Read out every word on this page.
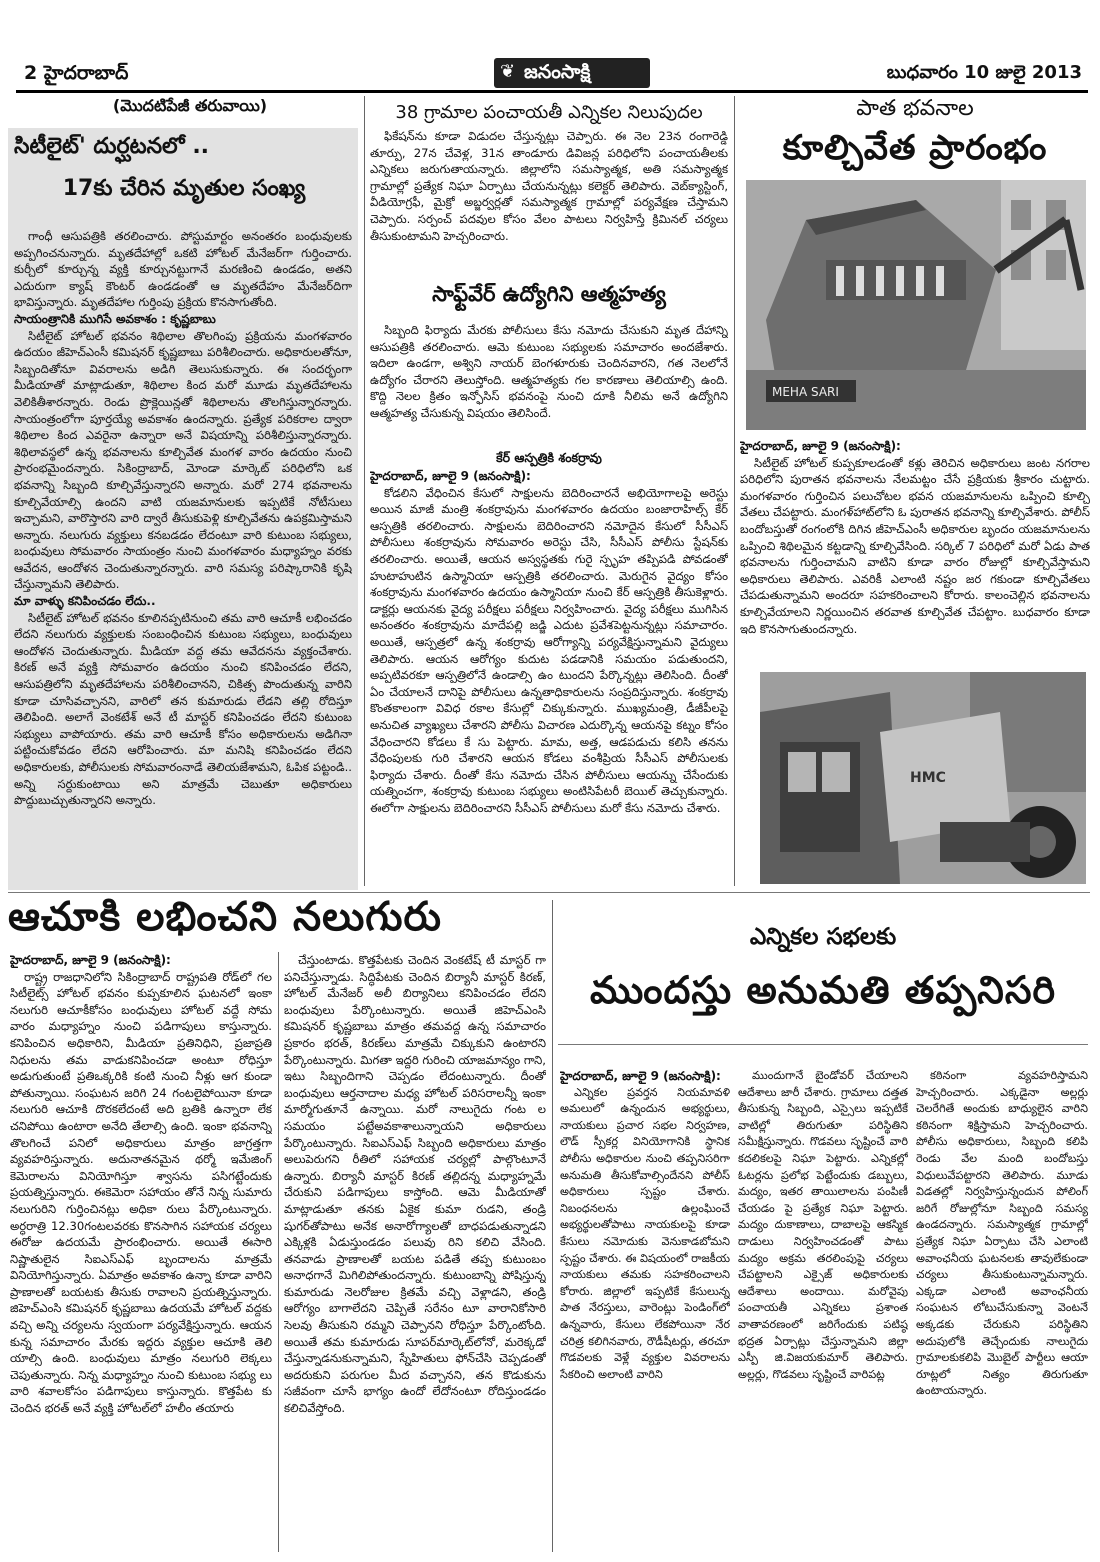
2 హైదరాబాద్	❦ జనంసాక్షి	బుధవారం 10 జులై 2013
(మొదటిపేజీ తరువాయి)
సిటీలైట్' దుర్ఘటనలో ..
17కు చేరిన మృతుల సంఖ్య

గాంధీ ఆసుపత్రికి తరలించారు. పోస్టుమార్టం అనంతరం బంధువులకు అప్పగించనున్నారు. మృతదేహాల్లో ఒకటి హోటల్ మేనేజర్‌గా గుర్తించారు. కుర్చీలో కూర్చున్న వ్యక్తి కూర్చునట్టుగానే మరణించి ఉండడం, అతని ఎదురుగా క్యాష్ కౌంటర్ ఉండడంతో ఆ మృతదేహం మేనేజర్‌దిగా భావిస్తున్నారు. మృతదేహాల గుర్తింపు ప్రక్రియ కొనసాగుతోంది.

సాయంత్రానికి ముగిసే అవకాశం : కృష్ణబాబు

సిటీలైట్ హోటల్ భవనం శిథిలాల తొలగింపు ప్రక్రియను మంగళవారం ఉదయం జీహెచ్‌ఎంసీ కమిషనర్ కృష్ణబాబు పరిశీలించారు. అధికారులతోనూ, సిబ్బందితోనూ వివరాలను అడిగి తెలుసుకున్నారు. ఈ సందర్భంగా మీడియాతో మాట్లాడుతూ, శిథిలాల కింద మరో మూడు మృతదేహాలను వెలికితీశారన్నారు. రెండు ప్రొక్లెయిన్లతో శిథిలాలను తొలగిస్తున్నారన్నారు. సాయంత్రంలోగా పూర్తయ్యే అవకాశం ఉందన్నారు. ప్రత్యేక పరికరాల ద్వారా శిథిలాల కింద ఎవరైనా ఉన్నారా అనే విషయాన్ని పరిశీలిస్తున్నారన్నారు. శిథిలావస్థలో ఉన్న భవనాలను కూల్చివేత మంగళ వారం ఉదయం నుంచి ప్రారంభమైందన్నారు. సికింద్రాబాద్, మోండా మార్కెట్ పరిధిలోని ఒక భవనాన్ని సిబ్బంది కూల్చివేస్తున్నారని అన్నారు. మరో 274 భవనాలను కూల్చివేయాల్సి ఉందని వాటి యజమానులకు ఇప్పటికే నోటీసులు ఇచ్చామని, వారొస్తారని వారి ద్వారే తీసుకుపెళ్లి కూల్చివేతను ఉపక్రమిస్తామని అన్నారు. నలుగురు వ్యక్తులు కనబడడం లేదంటూ వారి కుటుంబ సభ్యులు, బంధువులు సోమవారం సాయంత్రం నుంచి మంగళవారం మధ్యాహ్నం వరకు ఆవేదన, ఆందోళన చెందుతున్నారన్నారు. వారి సమస్య పరిష్కారానికి కృషి చేస్తున్నామని తెలిపారు.

మా వాళ్ళు కనిపించడం లేదు..

సిటీలైట్ హోటల్ భవనం కూలినప్పటినుంచి తమ వారి ఆచూకీ లభించడం లేదని నలుగురు వ్యక్తులకు సంబంధించిన కుటుంబ సభ్యులు, బంధువులు ఆందోళన చెందుతున్నారు. మీడియా వద్ద తమ ఆవేదనను వ్యక్తంచేశారు. కిరణ్ అనే వ్యక్తి సోమవారం ఉదయం నుంచి కనిపించడం లేదని, ఆసుపత్రిలోని మృతదేహాలను పరిశీలించానని, చికిత్స పొందుతున్న వారిని కూడా చూసివచ్చానని, వారిలో తన కుమారుడు లేడని తల్లి రోదిస్తూ తెలిపింది. అలాగే వెంకటేశ్ అనే టీ మాస్టర్ కనిపించడం లేదని కుటుంబ సభ్యులు వాపోయారు. తమ వారి ఆచూకీ కోసం అధికారులను అడిగినా పట్టించుకోవడం లేదని ఆరోపించారు. మా మనిషి కనిపించడం లేదని అధికారులకు, పోలీసులకు సోమవారంనాడే తెలియజేశామని, ఓపిక పట్టండి.. అన్ని సర్దుకుంటాయి అని మాత్రమే చెబుతూ అధికారులు పొద్దుబుచ్చుతున్నారని అన్నారు.

38 గ్రామాల పంచాయతీ ఎన్నికల నిలుపుదల

ఫికేషన్‌ను కూడా విడుదల చేస్తున్నట్లు చెప్పారు. ఈ నెల 23న రంగారెడ్డి తూర్పు, 27న చేవెళ్ల, 31న తాండూరు డివిజన్ల పరిధిలోని పంచాయతీలకు ఎన్నికలు జరుగుతాయన్నారు. జిల్లాలోని సమస్యాత్మక, అతి సమస్యాత్మక గ్రామాల్లో ప్రత్యేక నిఘా ఏర్పాటు చేయనున్నట్లు కలెక్టర్ తెలిపారు. వెబ్‌క్యాస్టింగ్, వీడియోగ్రఫీ, మైక్రో అబ్జర్వర్లతో సమస్యాత్మక గ్రామాల్లో పర్యవేక్షణ చేస్తామని చెప్పారు. సర్పంచ్ పదవుల కోసం వేలం పాటలు నిర్వహిస్తే క్రిమినల్ చర్యలు తీసుకుంటామని హెచ్చరించారు.

సాఫ్ట్‌వేర్ ఉద్యోగిని ఆత్మహత్య

సిబ్బంది ఫిర్యాదు మేరకు పోలీసులు కేసు నమోదు చేసుకుని మృత దేహాన్ని ఆసుపత్రికి తరలించారు. ఆమె కుటుంబ సభ్యులకు సమాచారం అందజేశారు. ఇదిలా ఉండగా, అశ్విని నాయర్ బెంగళూరుకు చెందినవారని, గత నెలలోనే ఉద్యోగం చేరారని తెలుస్తోంది. ఆత్మహత్యకు గల కారణాలు తెలియాల్సి ఉంది. కొద్ది నెలల క్రితం ఇన్ఫోసిస్ భవనంపై నుంచి దూకి నీలిమ అనే ఉద్యోగిని ఆత్మహత్య చేసుకున్న విషయం తెలిసిందే.

కేర్ ఆస్పత్రికి శంకర్రావు
హైదరాబాద్, జూలై 9 (జనంసాక్షి):

కోడలిని వేధించిన కేసులో సాక్షులను బెదిరించారనే అభియోగాలపై అరెస్టు అయిన మాజీ మంత్రి శంకర్రావును మంగళవారం ఉదయం బంజారాహిల్స్ కేర్ ఆస్పత్రికి తరలించారు. సాక్షులను బెదిరించారని నమోదైన కేసులో సీసీఎస్ పోలీసులు శంకర్రావును సోమవారం అరెస్టు చేసి, సీసీఎస్ పోలీసు స్టేషన్‌కు తరలించారు. అయితే, ఆయన అస్వస్థతకు గురై స్పృహ తప్పిపడి పోవడంతో హుటాహుటిన ఉస్మానియా ఆస్పత్రికి తరలించారు. మెరుగైన వైద్యం కోసం శంకర్రావును మంగళవారం ఉదయం ఉస్మానియా నుంచి కేర్ ఆస్పత్రికి తీసుకెళ్లారు. డాక్టర్లు ఆయనకు వైద్య పరీక్షలు పరీక్షలు నిర్వహించారు. వైద్య పరీక్షలు ముగిసిన అనంతరం శంకర్రావును మాదేపల్లి జడ్జి ఎదుట ప్రవేశపెట్టనున్నట్లు సమాచారం. అయితే, ఆస్పత్రలో ఉన్న శంకర్రావు ఆరోగ్యాన్ని పర్యవేక్షిస్తున్నామని వైద్యులు తెలిపారు. ఆయన ఆరోగ్యం కుదుట పడడానికి సమయం పడుతుందని, అప్పటివరకూ ఆస్పత్రిలోనే ఉండాల్సి ఉం టుందని పేర్కొన్నట్లు తెలిసింది. దీంతో ఏం చేయాలనే దానిపై పోలీసులు ఉన్నతాధికారులను సంప్రదిస్తున్నారు. శంకర్రావు కొంతకాలంగా వివిధ రకాల కేసుల్లో చిక్కుకున్నారు. ముఖ్యమంత్రి, డీజీపీలపై అనుచిత వ్యాఖ్యలు చేశారని పోలీసు విచారణ ఎదుర్కొన్న ఆయనపై కట్నం కోసం వేధించారని కోడలు కే సు పెట్టారు. మామ, అత్త, ఆడపడుచు కలిసి తనను వేధింపులకు గురి చేశారని ఆయన కోడలు వంశీప్రియ సీసీఎస్ పోలీసులకు ఫిర్యాదు చేశారు. దీంతో కేసు నమోదు చేసిన పోలీసులు ఆయన్ను చేసేందుకు యత్నించగా, శంకర్రావు కుటుంబ సభ్యులు అంటిసిపేటరీ బెయిల్ తెచ్చుకున్నారు. ఈలోగా సాక్షులను బెదిరించారని సీసీఎస్ పోలీసులు మరో కేసు నమోదు చేశారు.

పాత భవనాల
కూల్చివేత ప్రారంభం
MEHA SARI
హైదరాబాద్, జూలై 9 (జనంసాక్షి):

సిటీలైట్ హోటల్ కుప్పకూలడంతో కళ్లు తెరిచిన అధికారులు జంట నగరాల పరిధిలోని పురాతన భవనాలను నేలమట్టం చేసే ప్రక్రియకు శ్రీకారం చుట్టారు. మంగళవారం గుర్తించిన పలుచోటల భవన యజమానులను ఒప్పించి కూల్చి వేతలు చేపట్టారు. మంగళ్‌హాట్‌లోని ఓ పురాతన భవనాన్ని కూల్చివేశారు. పోలీస్ బందోబస్తుతో రంగంలోకి దిగిన జీహెచ్‌ఎంసీ అధికారుల బృందం యజమానులను ఒప్పించి శిథిలమైన కట్టడాన్ని కూల్చివేసింది. సర్కిల్ 7 పరిధిలో మరో ఏడు పాత భవనాలను గుర్తించామని వాటిని కూడా వారం రోజుల్లో కూల్చివేస్తామని అధికారులు తెలిపారు. ఎవరికీ ఎలాంటి నష్టం జర గకుండా కూల్చివేతలు చేపడుతున్నామని అందరూ సహకరించాలని కోరారు. కాలంచెల్లిన భవనాలను కూల్చివేయాలని నిర్ణయించిన తరవాత కూల్చివేత చేపట్టాం. బుధవారం కూడా ఇది కొనసాగుతుందన్నారు.

HMC
ఆచూకి లభించని నలుగురు
హైదరాబాద్, జూలై 9 (జనంసాక్షి):

రాష్ట్ర రాజధానిలోని సికింద్రాబాద్ రాష్ట్రపతి రోడ్‌లో గల సిటీలైట్స్ హోటల్ భవనం కుప్పకూలిన ఘటనలో ఇంకా నలుగురి ఆచూకీకోసం బంధువులు హోటల్ వద్దే సోమ వారం మధ్యాహ్నం నుంచి పడిగాపులు కాస్తున్నారు. కనిపించిన అధికారిని, మీడియా ప్రతినిధిని, ప్రజాప్రతి నిధులను తమ వాడుకనిపించడా అంటూ రోధిస్తూ అడుగుతుంటే ప్రతిఒక్కరికి కంటి నుంచి నీళ్లు ఆగ కుండా పోతున్నాయి. సంఘటన జరిగి 24 గంటలైపోయినా కూడా నలుగురి ఆచూకి దొరకలేదంటే అది బ్రతికి ఉన్నారా లేక చనిపోయి ఉంటారా అనేది తేలాల్సి ఉంది. ఇంకా భవనాన్ని తొలగించే పనిలో అధికారులు మాత్రం జాగ్రత్తగా వ్యవహరిస్తున్నారు. అదునాతనమైన థర్మో ఇమేజింగ్ కెమెరాలను వినియోగిస్తూ శ్వాసను పసిగట్టేందుకు ప్రయత్నిస్తున్నారు. ఈకెమెరా సహాయం తోనే నిన్న సుమారు నలుగురిని గుర్తించినట్లు అధికా రులు పేర్కొంటున్నారు. అర్ధరాత్రి 12.30గంటలవరకు కొనసాగిన సహాయక చర్యలు ఈరోజు ఉదయమే ప్రారంభించారు. అయితే ఈసారి నిష్ణాతులైన సిఐఎస్ఎఫ్ బృందాలను మాత్రమే వినియోగిస్తున్నారు. ఏమాత్రం అవకాశం ఉన్నా కూడా వారిని ప్రాణాలతో బయటకు తీసుకు రావాలని ప్రయత్నిస్తున్నారు. జిహెచ్ఎంసి కమిషనర్ కృష్ణబాబు ఉదయమే హోటల్ వద్దకు వచ్చి అన్ని చర్యలను స్వయంగా పర్యవేక్షిస్తున్నారు. ఆయన కున్న సమాచారం మేరకు ఇద్దరు వ్యక్తుల ఆచూకి తెలి యాల్సి ఉంది. బంధువులు మాత్రం నలుగురి లెక్కలు చెపుతున్నారు. నిన్న మధ్యాహ్నం నుంచి కుటుంబ సభ్యు లు వారి శవాలకోసం పడిగాపులు కాస్తున్నారు. కొత్తపేట కు చెందిన భరత్ అనే వ్యక్తి హోటల్‌లో హలీం తయారు

చేస్తుంటాడు. కొత్తపేటకు చెందిన వెంకటేష్ టీ మాస్టర్ గా పనిచేస్తున్నాడు. సిద్ధిపేటకు చెందిన బిర్యానీ మాస్టర్ కిరణ్, హోటల్ మేనేజర్ అలీ బిర్యానిలు కనిపించడం లేదని బంధువులు పేర్కొంటున్నారు. అయితే జిహెచ్ఎంసి కమిషనర్ కృష్ణబాబు మాత్రం తమవద్ద ఉన్న సమాచారం ప్రకారం భరత్, కిరణ్‌లు మాత్రమే చిక్కుకుని ఉంటారని పేర్కొంటున్నారు. మిగతా ఇద్దరి గురించి యాజమాన్యం గాని, ఇటు సిబ్బందిగాని చెప్పడం లేదంటున్నారు. దీంతో బంధువులు ఆర్తనాదాల మధ్య హోటల్ పరిసరాలన్నీ ఇంకా మార్మోగుతూనే ఉన్నాయి. మరో నాలుగైదు గంట ల సమయం పట్టేఅవకాశాలున్నాయని అధికారులు పేర్కొంటున్నారు. సిఐఎస్ఎఫ్ సిబ్బంది అధికారులు మాత్రం అలుపెరుగని రీతిలో సహాయక చర్యల్లో పాల్గొంటూనే ఉన్నారు. బిర్యానీ మాస్టర్ కిరణ్ తల్లిదన్న మధ్యాహ్నమే చేరుకుని పడిగాపులు కాస్తోంది. ఆమె మీడియాతో మాట్లాడుతూ తనకు ఏకైక కుమా రుడని, తండ్రి షుగర్‌తోపాటు అనేక అనారోగ్యాలతో బాధపడుతున్నాడని ఎక్కిళ్లకి ఏడుస్తుండడం పలువు రిని కలిచి వేసింది. తనవాడు ప్రాణాలతో బయట పడితే తప్ప కుటుంబం అనాధగానే మిగిలిపోతుందన్నారు. కుటుంబాన్ని పోషిస్తున్న కుమారుడు నెలరోజుల క్రితమే వచ్చి వెళ్లాడని, తండ్రి ఆరోగ్యం బాగాలేదని చెప్పితే సరేనం టూ వారానికోసారి సెలవు తీసుకుని రమ్మని చెప్పానని రోధిస్తూ పేర్కొంటోంది. అయితే తమ కుమారుడు సూపర్‌మార్కెట్‌లోనో, మరెక్కడో చేస్తున్నాడనుకున్నామని, స్నేహితులు ఫోన్‌చేసి చెప్పడంతో అదరుకుని పరుగుల మీద వచ్చానని, తన కొడుకును సజీవంగా చూసే భాగ్యం ఉందో లేదోనంటూ రోదిస్తుండడం కలిచివేస్తోంది.

ఎన్నికల సభలకు
ముందస్తు అనుమతి తప్పనిసరి
హైదరాబాద్, జూలై 9 (జనంసాక్షి):

ఎన్నికల ప్రవర్తన నియమావళి అమలులో ఉన్నందున అభ్యర్థులు, నాయకులు ప్రచార సభల నిర్వహణ, లౌడ్ స్పీకర్ల వినియోగానికి స్థానిక పోలీసు అధికారుల నుంచి తప్పనిసరిగా అనుమతి తీసుకోవాల్సిందేనని పోలీస్ అధికారులు స్పష్టం చేశారు. నిబంధనలను ఉల్లంఘించే అభ్యర్థులతోపాటు నాయకులపై కూడా కేసులు నమోదుకు వెనుకాడబోమని స్పష్టం చేశారు. ఈ విషయంలో రాజకీయ నాయకులు తమకు సహకరించాలని కోరారు. జిల్లాలో ఇప్పటికే కేసులున్న పాత నేరస్తులు, వారెంట్లు పెండింగ్‌లో ఉన్నవారు, కేసులు లేకపోయినా నేర చరిత్ర కలిగినవారు, రౌడీషీటర్లు, తరచూ గొడవలకు వెళ్లే వ్యక్తుల వివరాలను సేకరించి అలాంటి వారిని

ముందుగానే బైండోవర్ చేయాలని ఆదేశాలు జారీ చేశారు. గ్రామాలు దత్తత తీసుకున్న సిబ్బంది, ఎస్సైలు ఇప్పటికే వాటిల్లో తిరుగుతూ పరిస్థితిని సమీక్షిస్తున్నారు. గొడవలు సృష్టించే వారి కదలికలపై నిఘా పెట్టారు. ఎన్నికల్లో ఓటర్లను ప్రలోభ పెట్టేందుకు డబ్బులు, మద్యం, ఇతర తాయిలాలను పంపిణీ చేయడం పై ప్రత్యేక నిఘా పెట్టారు. మద్యం దుకాణాలు, దాబాలపై ఆకస్మిక దాడులు నిర్వహించడంతో పాటు మద్యం అక్రమ తరలింపుపై చర్యలు చేపట్టాలని ఎక్సైజ్ అధికారులకు ఆదేశాలు అందాయి. మరోవైపు పంచాయతీ ఎన్నికలు ప్రశాంత వాతావరణంలో జరిగేందుకు పటిష్ఠ భద్రత ఏర్పాట్లు చేస్తున్నామని జిల్లా ఎస్పీ జి.విజయకుమార్ తెలిపారు. అల్లర్లు, గొడవలు సృష్టించే వారిపట్ల

కఠినంగా వ్యవహరిస్తామని హెచ్చరించారు. ఎక్కడైనా అల్లర్లు చెలరేగితే అందుకు బాధ్యులైన వారిని కఠినంగా శిక్షిస్తామని హెచ్చరించారు. పోలీసు అధికారులు, సిబ్బంది కలిపి రెండు వేల మంది బందోబస్తు విధులువేపట్టారని తెలిపారు. మూడు విడతల్లో నిర్వహిస్తున్నందున పోలింగ్ జరిగే రోజుల్లోనూ సిబ్బంది సమస్య ఉండదన్నారు. సమస్యాత్మక గ్రామాల్లో ప్రత్యేక నిఘా ఏర్పాటు చేసి ఎలాంటి అవాంఛనీయ ఘటనలకు తావులేకుండా చర్యలు తీసుకుంటున్నామన్నారు. ఎక్కడా ఎలాంటి అవాంఛనీయ సంఘటన లోటుచేసుకున్నా వెంటనే అక్కడకు చేరుకుని పరిస్థితిని అదుపులోకి తెచ్చేందుకు నాలుగైదు గ్రామాలకుకలిపి మొబైల్ పార్టీలు ఆయా రూట్లలో నిత్యం తిరుగుతూ ఉంటాయన్నారు.
